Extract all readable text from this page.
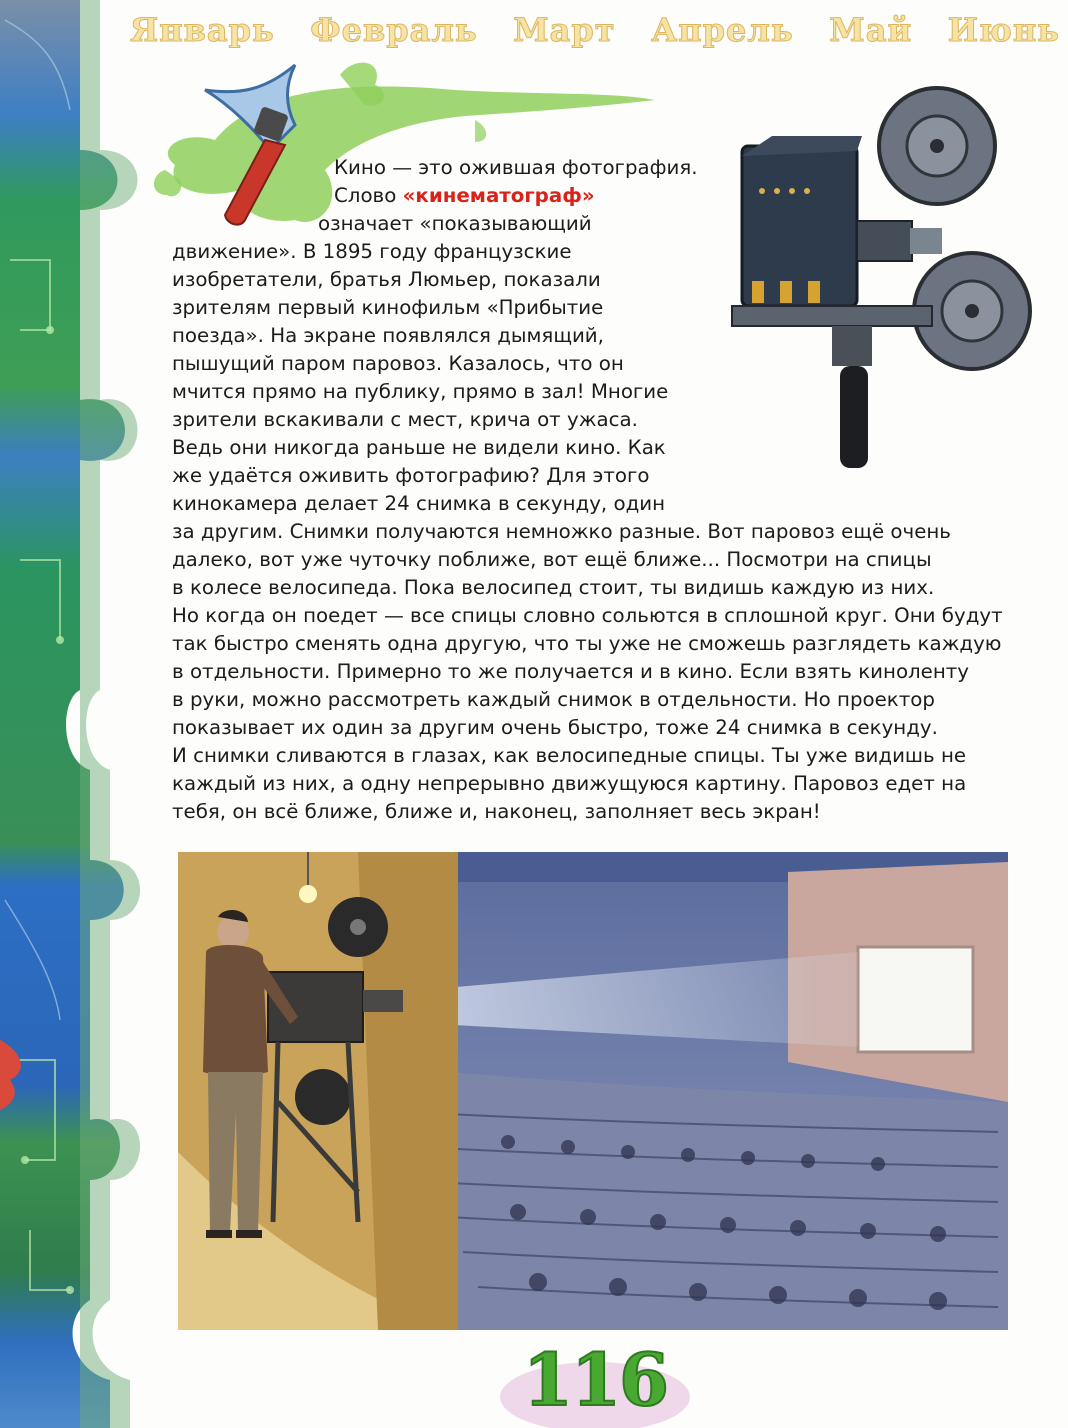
Январь Февраль Март Апрель Май Июнь

Кино — это ожившая фотография.

Слово «кинематограф»

означает «показывающий

движение». В 1895 году французские

изобретатели, братья Люмьер, показали

зрителям первый кинофильм «Прибытие

поезда». На экране появлялся дымящий,

пышущий паром паровоз. Казалось, что он

мчится прямо на публику, прямо в зал! Многие

зрители вскакивали с мест, крича от ужаса.

Ведь они никогда раньше не видели кино. Как

же удаётся оживить фотографию? Для этого

кинокамера делает 24 снимка в секунду, один

за другим. Снимки получаются немножко разные. Вот паровоз ещё очень

далеко, вот уже чуточку поближе, вот ещё ближе... Посмотри на спицы

в колесе велосипеда. Пока велосипед стоит, ты видишь каждую из них.

Но когда он поедет — все спицы словно сольются в сплошной круг. Они будут

так быстро сменять одна другую, что ты уже не сможешь разглядеть каждую

в отдельности. Примерно то же получается и в кино. Если взять киноленту

в руки, можно рассмотреть каждый снимок в отдельности. Но проектор

показывает их один за другим очень быстро, тоже 24 снимка в секунду.

И снимки сливаются в глазах, как велосипедные спицы. Ты уже видишь не

каждый из них, а одну непрерывно движущуюся картину. Паровоз едет на

тебя, он всё ближе, ближе и, наконец, заполняет весь экран!

116
